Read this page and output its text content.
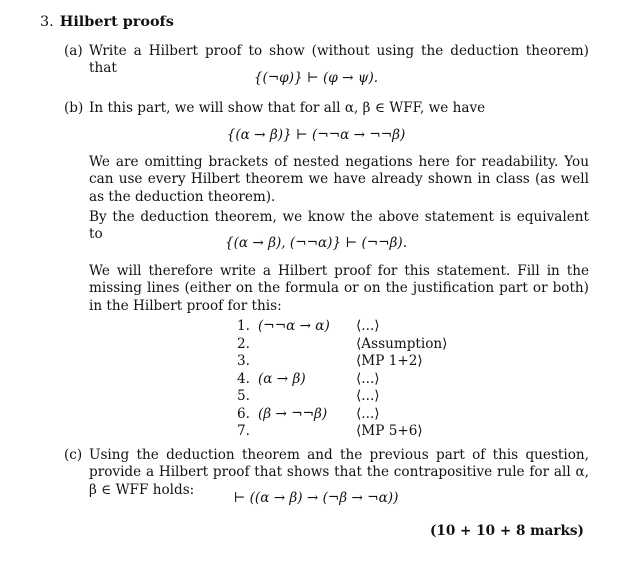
3. Hilbert proofs
(a) Write a Hilbert proof to show (without using the deduction theorem) that
{(¬φ)} ⊢ (φ → ψ).
(b) In this part, we will show that for all α, β ∈ WFF, we have
{(α → β)} ⊢ (¬¬α → ¬¬β)
We are omitting brackets of nested negations here for readability. You can use every Hilbert theorem we have already shown in class (as well as the deduction theorem).
By the deduction theorem, we know the above statement is equivalent to
{(α → β), (¬¬α)} ⊢ (¬¬β).
We will therefore write a Hilbert proof for this statement. Fill in the missing lines (either on the formula or on the justification part or both) in the Hilbert proof for this:
1. (¬¬α → α) ⟨...⟩
2.	⟨Assumption⟩
3.	⟨MP 1+2⟩
4. (α → β)	⟨...⟩
5.	⟨...⟩
6. (β → ¬¬β) ⟨...⟩
7.	⟨MP 5+6⟩
(c) Using the deduction theorem and the previous part of this question, provide a Hilbert proof that shows that the contrapositive rule for all α, β ∈ WFF holds:
⊢ ((α → β) → (¬β → ¬α))
(10 + 10 + 8 marks)
